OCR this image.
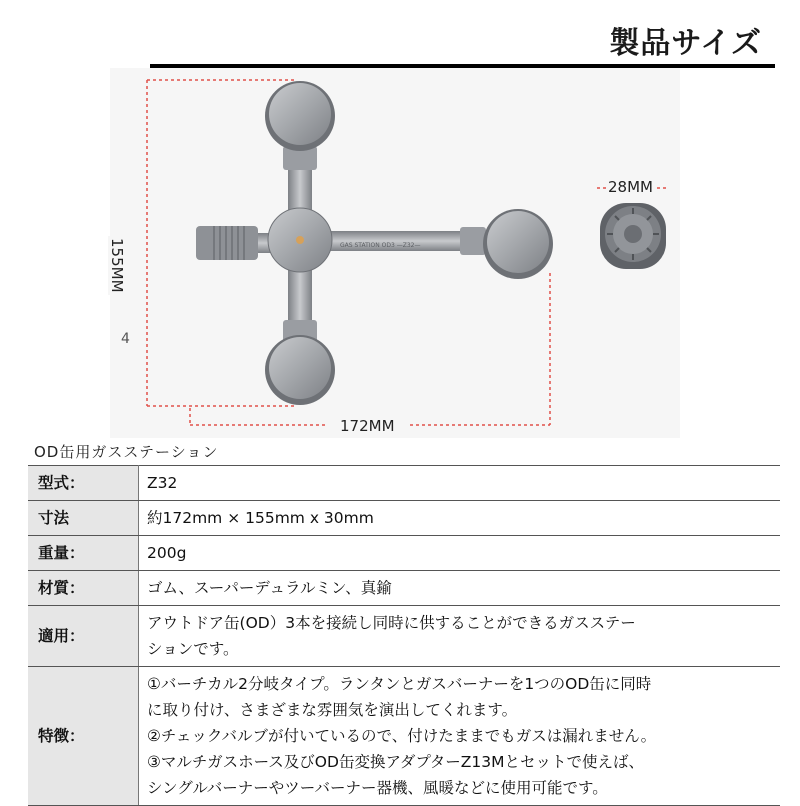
製品サイズ
GAS STATION OD3 —Z32—
155MM
172MM
28MM
4
OD缶用ガスステーション
型式：	Z32
寸法	約172mm × 155mm x 30mm
重量：	200g
材質：	ゴム、スーパーデュラルミン、真鍮
適用：	アウトドア缶(OD）3本を接続し同時に供することができるガスステー
ションです。

特徴：	①バーチカル2分岐タイプ。ランタンとガスバーナーを1つのOD缶に同時
に取り付け、さまざまな雰囲気を演出してくれます。
②チェックバルブが付いているので、付けたままでもガスは漏れません。
③マルチガスホース及びOD缶変換アダプターZ13Mとセットで使えば、
シングルバーナーやツーバーナー器機、風暖などに使用可能です。
